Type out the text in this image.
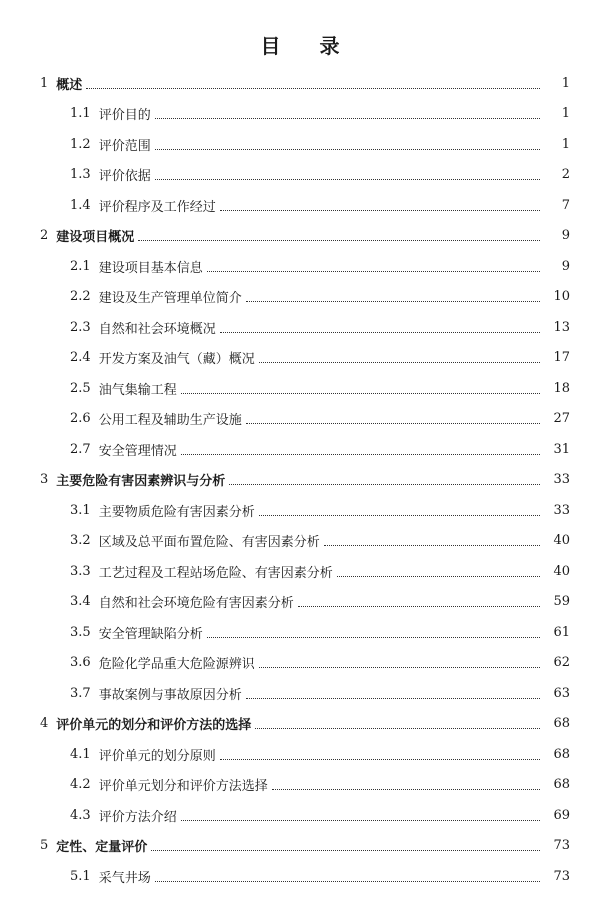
目 录
1 概述	1
1.1 评价目的	1
1.2 评价范围	1
1.3 评价依据	2
1.4 评价程序及工作经过	7
2 建设项目概况	9
2.1 建设项目基本信息	9
2.2 建设及生产管理单位简介	10
2.3 自然和社会环境概况	13
2.4 开发方案及油气（藏）概况	17
2.5 油气集输工程	18
2.6 公用工程及辅助生产设施	27
2.7 安全管理情况	31
3 主要危险有害因素辨识与分析	33
3.1 主要物质危险有害因素分析	33
3.2 区域及总平面布置危险、有害因素分析	40
3.3 工艺过程及工程站场危险、有害因素分析	40
3.4 自然和社会环境危险有害因素分析	59
3.5 安全管理缺陷分析	61
3.6 危险化学品重大危险源辨识	62
3.7 事故案例与事故原因分析	63
4 评价单元的划分和评价方法的选择	68
4.1 评价单元的划分原则	68
4.2 评价单元划分和评价方法选择	68
4.3 评价方法介绍	69
5 定性、定量评价	73
5.1 采气井场	73
